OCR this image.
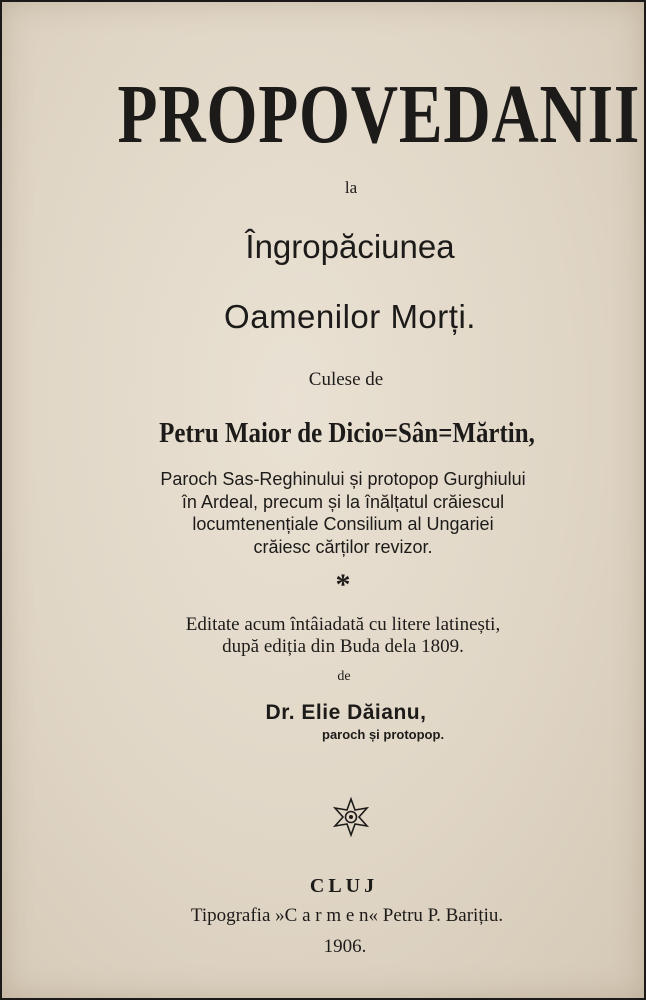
PROPOVEDANII
la
Îngropăciunea
Oamenilor Morți.
Culese de
Petru Maior de Dicio=Sân=Mărtin,
Paroch Sas-Reghinului și protopop Gurghiului
în Ardeal, precum și la înălțatul crăiescul
locumtenențiale Consilium al Ungariei
crăiesc cărților revizor.
*
Editate acum întâiadată cu litere latinești,
după ediția din Buda dela 1809.
de
Dr. Elie Dăianu,
paroch și protopop.
CLUJ
Tipografia »C a r m e n« Petru P. Barițiu.
1906.
